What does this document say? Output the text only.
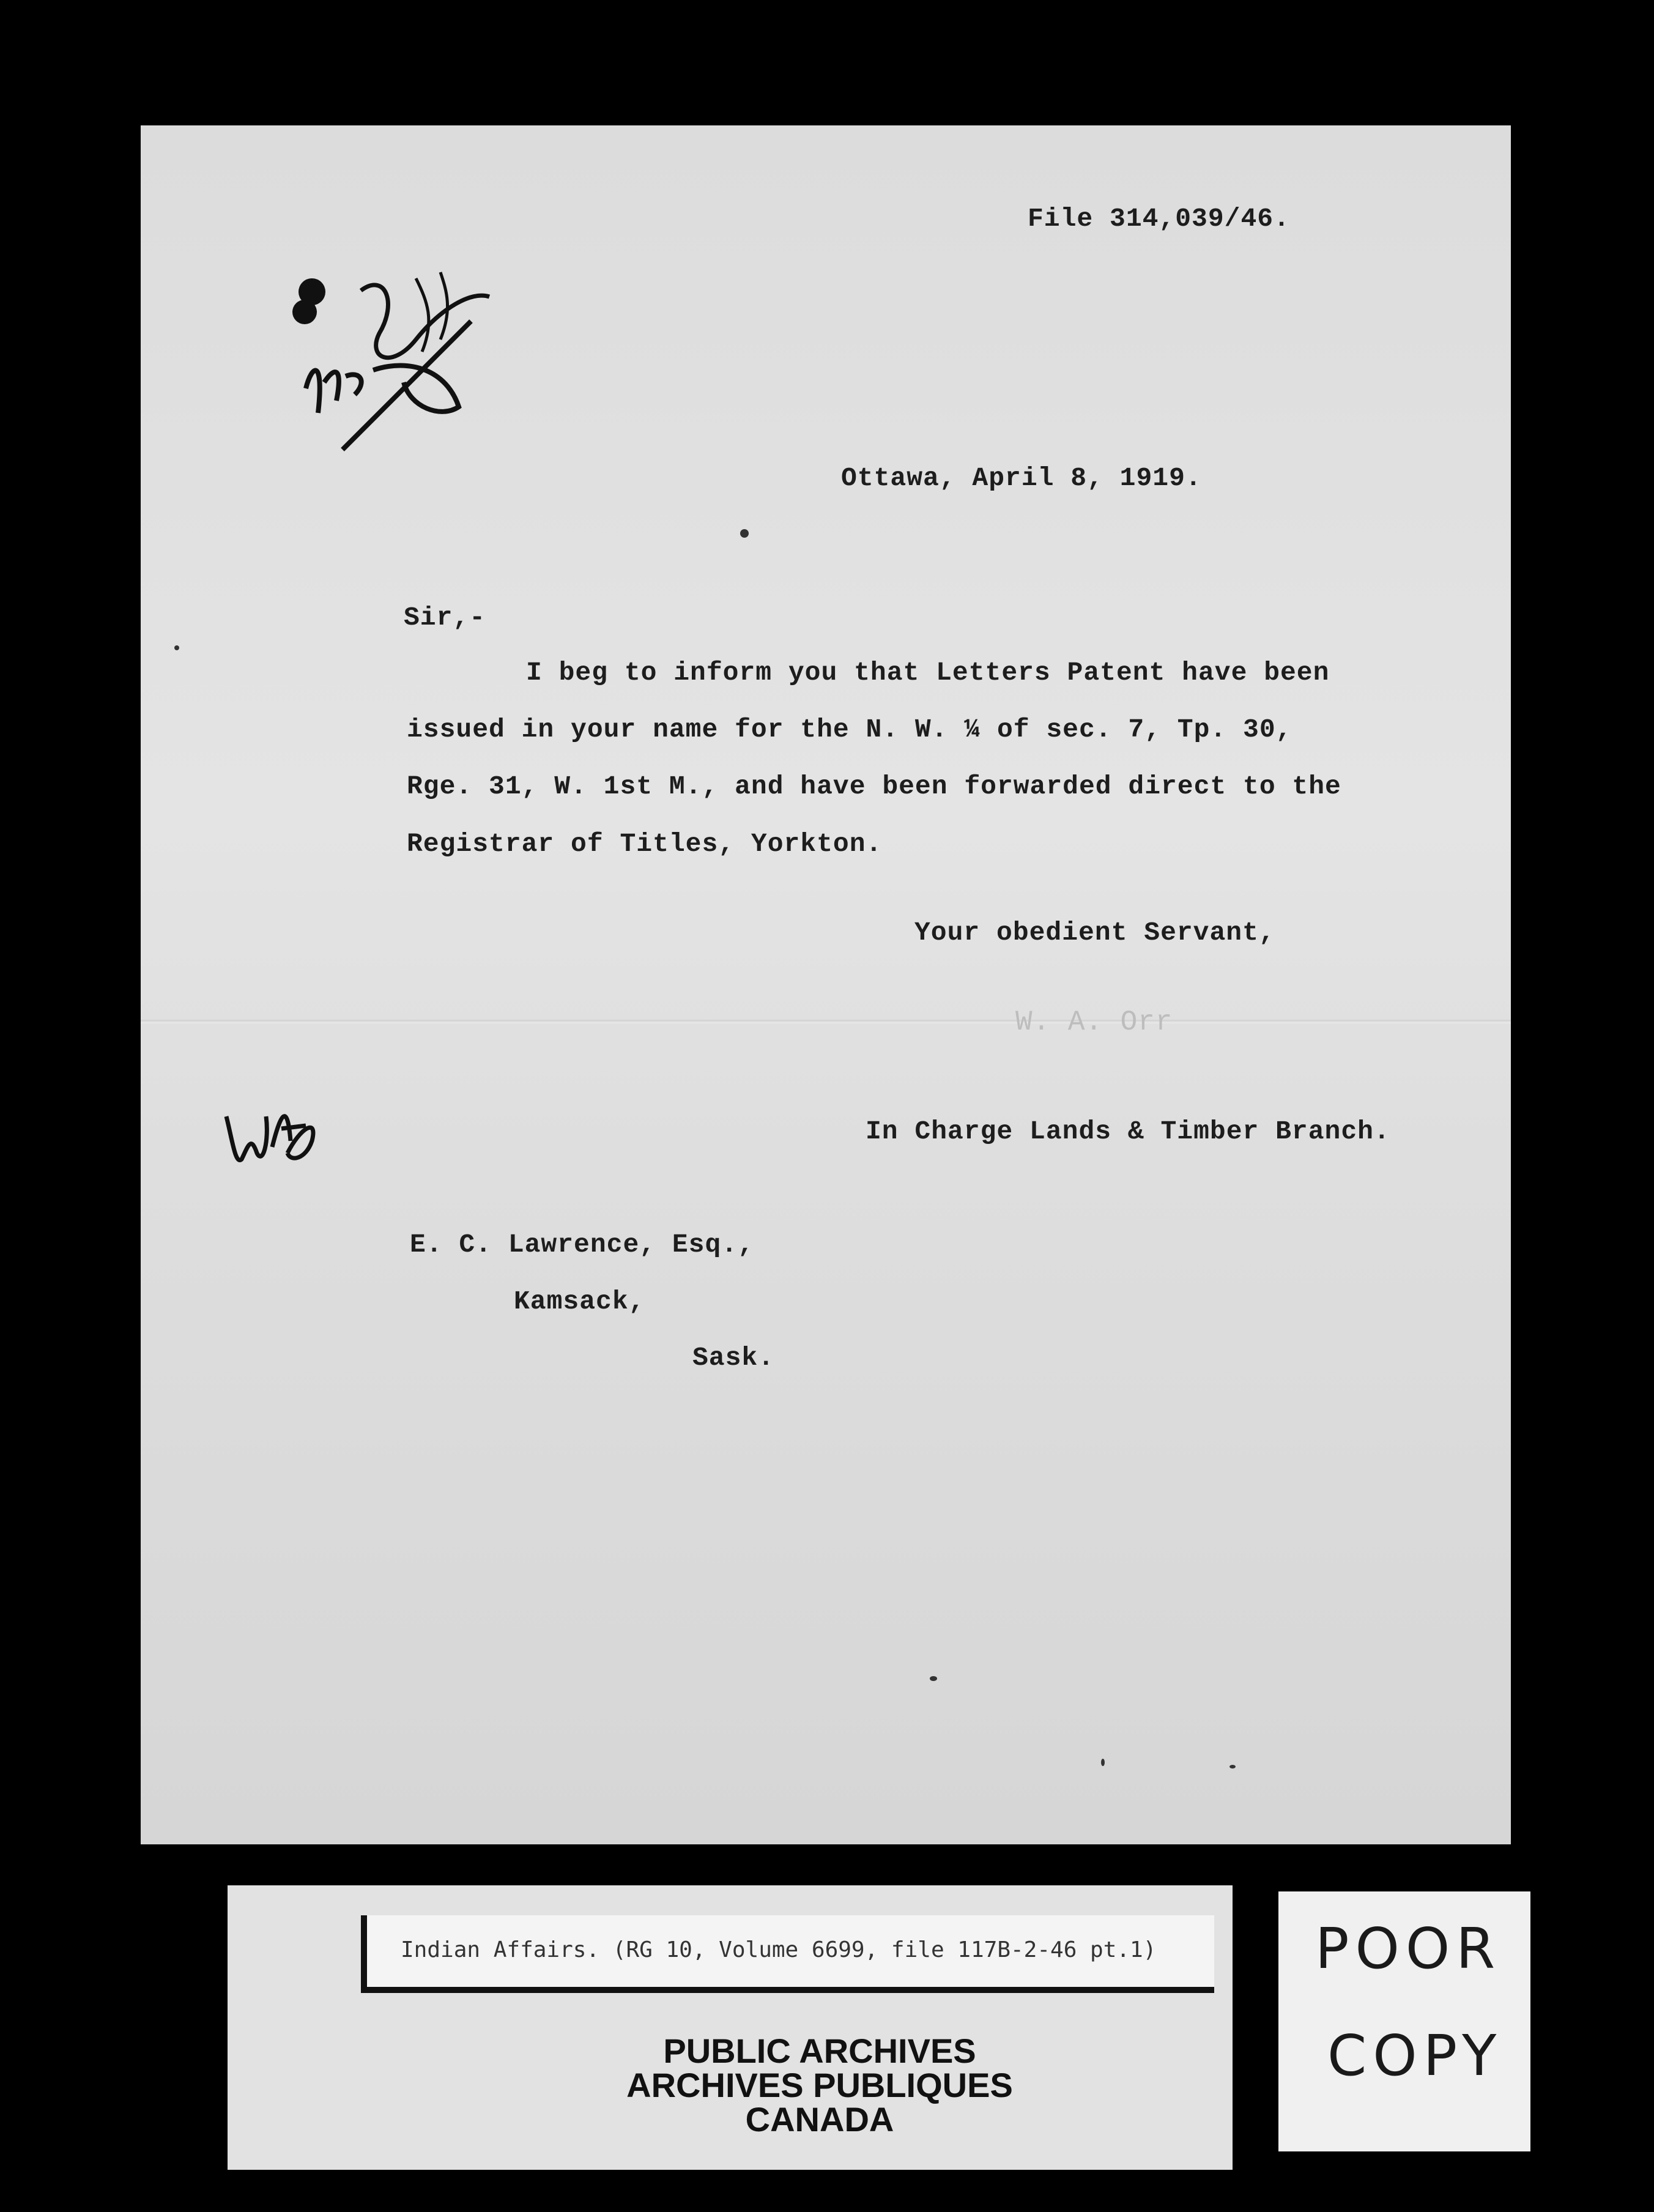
File 314,039/46.
Ottawa, April 8, 1919.
Sir,-
I beg to inform you that Letters Patent have been
issued in your name for the N. W. ¼ of sec. 7, Tp. 30,
Rge. 31, W. 1st M., and have been forwarded direct to the
Registrar of Titles, Yorkton.
Your obedient Servant,
W. A. Orr
In Charge Lands & Timber Branch.
E. C. Lawrence, Esq.,
Kamsack,
Sask.
Indian Affairs. (RG 10, Volume 6699, file 117B-2-46 pt.1)
PUBLIC ARCHIVES
ARCHIVES PUBLIQUES
CANADA
POOR
COPY
